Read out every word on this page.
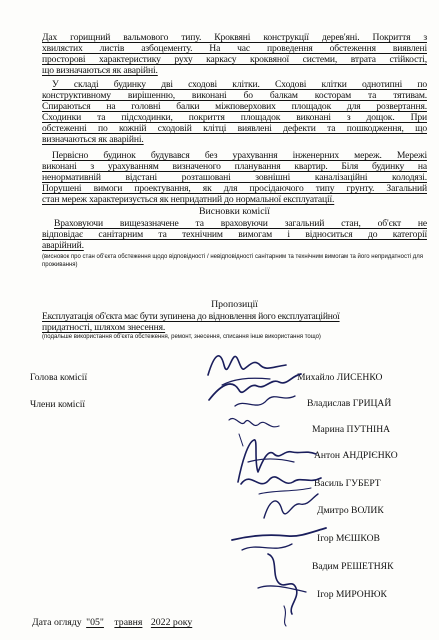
Дах горищний вальмового типу. Кроквяні конструкції дерев'яні. Покриття з
хвилястих листів азбоцементу. На час проведення обстеження виявлені
просторові характеристику руху каркасу кроквяної системи, втрата стійкості,
що визначаються як аварійні.
У складі будинку дві сходові клітки. Сходові клітки однотипні по
конструктивному вирішенню, виконані бо балкам косторам та тятивам.
Спираються на головні балки міжповерхових площадок для розвертання.
Сходинки та підсходинки, покриття площадок виконані з дощок. При
обстеженні по кожній сходовій клітці виявлені дефекти та пошкодження, що
визначаються як аварійні.
Первісно будинок будувався без урахування інженерних мереж. Мережі
виконані з урахуванням визначеного планування квартир. Біля будинку на
ненормативній відстані розташовані зовнішні каналізаційні колодязі.
Порушені вимоги проектування, як для просідаючого типу грунту. Загальний
стан мереж характеризується як непридатний до нормальної експлуатації.
Висновки комісії
Враховуючи вищезазначене та враховуючи загальний стан, об'єкт не
відповідає санітарним та технічним вимогам і відноситься до категорії
аварійний.
(висновок про стан об'єкта обстеження щодо відповідності / невідповідності санітарним та технічним вимогам та його непридатності для проживання)
Пропозиції
Експлуатація об'єкта має бути зупинена до відновлення його експлуатаційної
придатності, шляхом знесення.
(подальше використання об'єкта обстеження, ремонт, знесення, списання інше використання тощо)
Голова комісії
Члени комісії
Михайло ЛИСЕНКО
Владислав ГРИЦАЙ
Марина ПУТНІНА
Антон АНДРІЄНКО
Василь ГУБЕРТ
Дмитро ВОЛИК
Ігор МЄШКОВ
Вадим РЕШЕТНЯК
Ігор МИРОНЮК
Дата огляду "05" травня 2022 року
